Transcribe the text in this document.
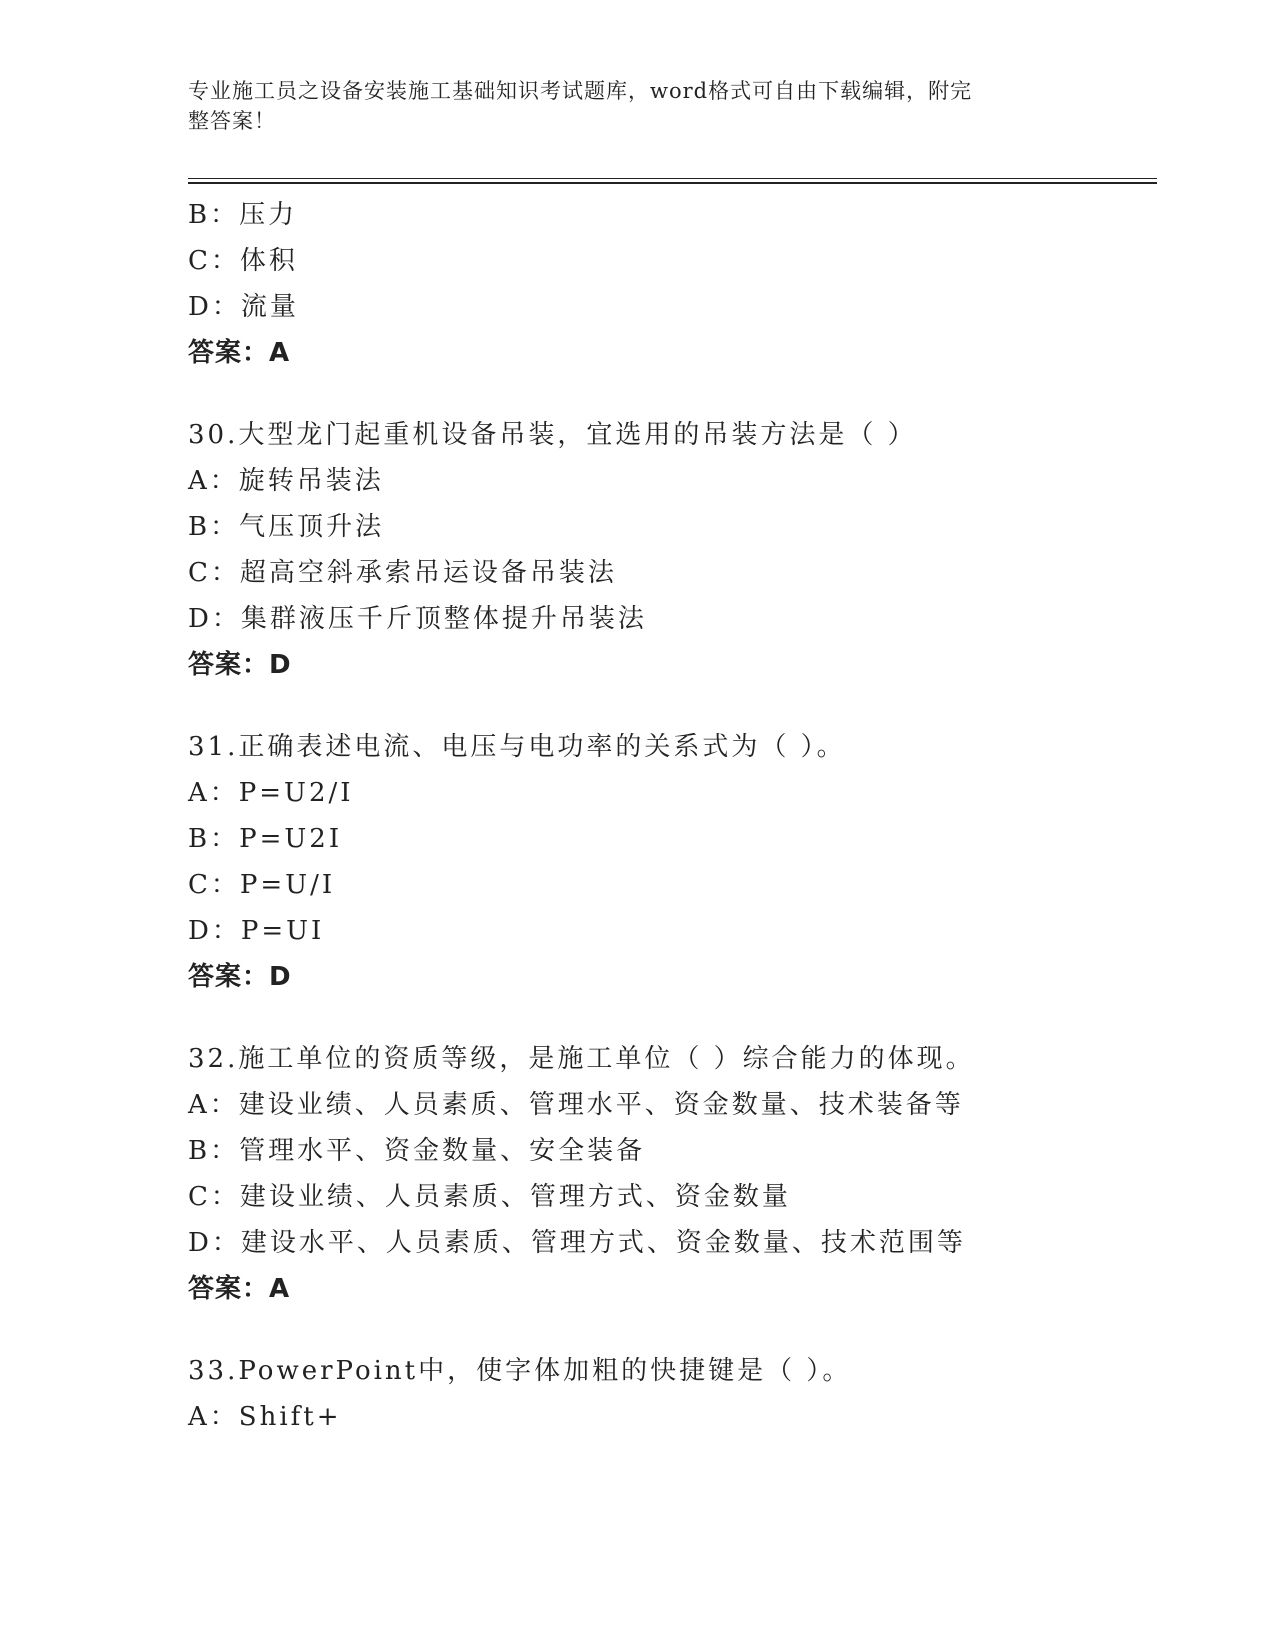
专业施工员之设备安装施工基础知识考试题库，word格式可自由下载编辑，附完
整答案！
B：压力
C：体积
D：流量
答案：A
30.大型龙门起重机设备吊装，宜选用的吊装方法是（ ）
A：旋转吊装法
B：气压顶升法
C：超高空斜承索吊运设备吊装法
D：集群液压千斤顶整体提升吊装法
答案：D
31.正确表述电流、电压与电功率的关系式为（ ）。
A：P=U2/I
B：P=U2I
C：P=U/I
D：P=UI
答案：D
32.施工单位的资质等级，是施工单位（ ）综合能力的体现。
A：建设业绩、人员素质、管理水平、资金数量、技术装备等
B：管理水平、资金数量、安全装备
C：建设业绩、人员素质、管理方式、资金数量
D：建设水平、人员素质、管理方式、资金数量、技术范围等
答案：A
33.PowerPoint中，使字体加粗的快捷键是（ ）。
A：Shift+
